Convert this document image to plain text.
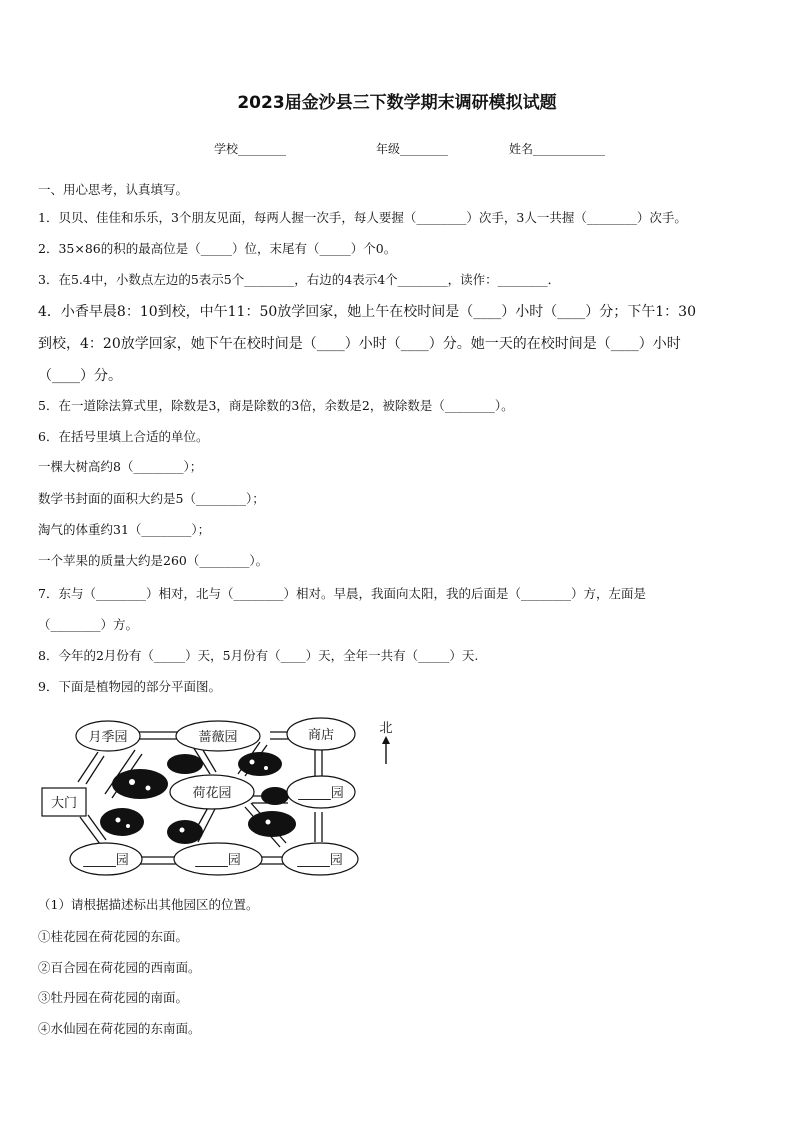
2023届金沙县三下数学期末调研模拟试题
学校________	年级________	姓名____________
一、用心思考，认真填写。
1．贝贝、佳佳和乐乐，3个朋友见面，每两人握一次手，每人要握（________）次手，3人一共握（________）次手。
2．35×86的积的最高位是（_____）位，末尾有（_____）个0。
3．在5.4中，小数点左边的5表示5个________，右边的4表示4个________，读作：________．
4．小香早晨8：10到校，中午11：50放学回家，她上午在校时间是（____）小时（____）分；下午1：30
到校，4：20放学回家，她下午在校时间是（____）小时（____）分。她一天的在校时间是（____）小时
（____）分。
5．在一道除法算式里，除数是3，商是除数的3倍，余数是2，被除数是（________）。
6．在括号里填上合适的单位。
一棵大树高约8（________）；
数学书封面的面积大约是5（________）；
淘气的体重约31（________）；
一个苹果的质量大约是260（________）。
7．东与（________）相对，北与（________）相对。早晨，我面向太阳，我的后面是（________）方，左面是
（________）方。
8．今年的2月份有（_____）天，5月份有（____）天，全年一共有（_____）天.
9．下面是植物园的部分平面图。
月季园	蔷薇园	商店
荷花园	_____园
_____园	_____园	_____园
大门
北
（1）请根据描述标出其他园区的位置。
①桂花园在荷花园的东面。
②百合园在荷花园的西南面。
③牡丹园在荷花园的南面。
④水仙园在荷花园的东南面。
